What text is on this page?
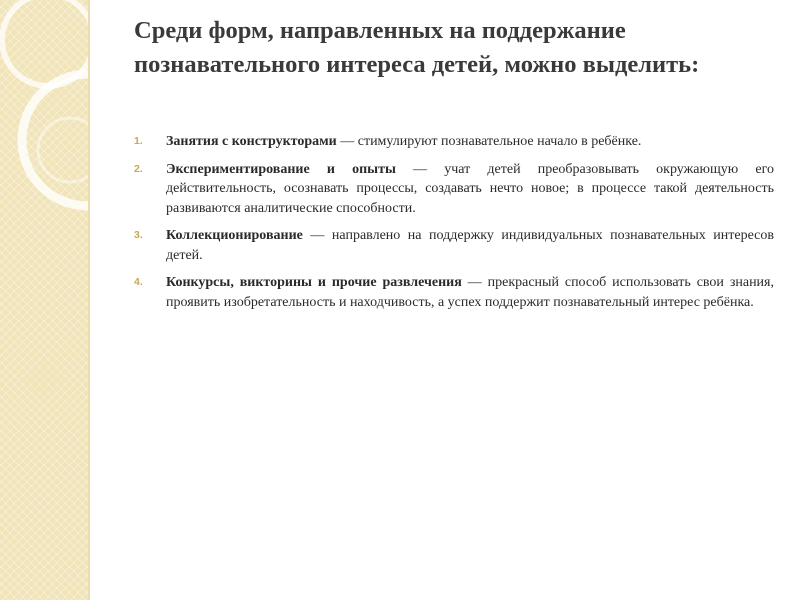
Среди форм, направленных на поддержание познавательного интереса детей, можно выделить:
1.	Занятия с конструкторами — стимулируют познавательное начало в ребёнке.
2.	Экспериментирование и опыты — учат детей преобразовывать окружающую его действительность, осознавать процессы, создавать нечто новое; в процессе такой деятельность развиваются аналитические способности.
3.	Коллекционирование — направлено на поддержку индивидуальных познавательных интересов детей.
4.	Конкурсы, викторины и прочие развлечения — прекрасный способ использовать свои знания, проявить изобретательность и находчивость, а успех поддержит познавательный интерес ребёнка.
